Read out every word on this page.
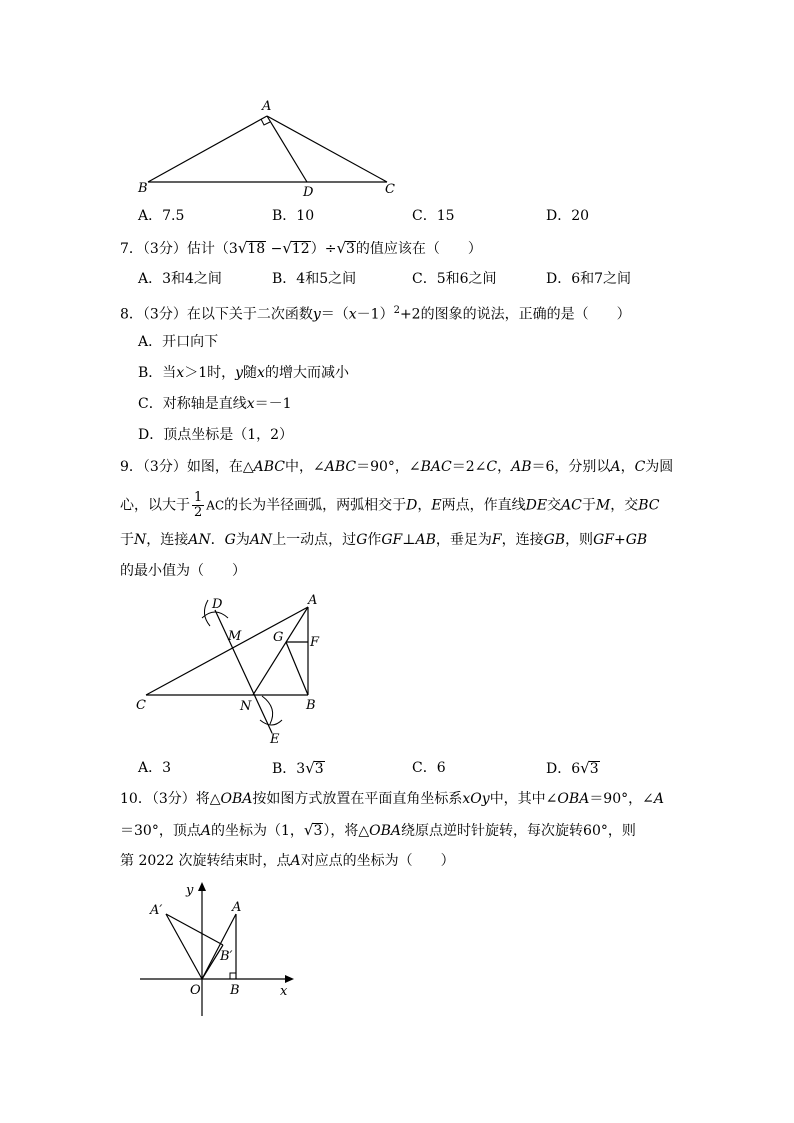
A
B	D	C
A．7.5	B．10	C．15	D．20
7．（3分）估计（3√18 −√12）÷√3的值应该在（　　）
A．3和4之间	B．4和5之间	C．5和6之间	D．6和7之间
8．（3分）在以下关于二次函数$y=(x-1)^2+2$的图象的说法，正确的是（　　）
A．开口向下
B．当x＞1时，y随x的增大而减小
C．对称轴是直线x＝－1
D．顶点坐标是（1，2）
9．（3分）如图，在△ABC中，∠ABC＝90°，∠BAC＝2∠C，AB＝6，分别以A，C为圆
心，以大于 $\frac{1}{2}$ AC的长为半径画弧，两弧相交于D，E两点，作直线DE交AC于M，交BC
于N，连接AN．G为AN上一动点，过G作GF⊥AB，垂足为F，连接GB，则GF+GB
的最小值为（　　）
D
M
A
G F
C	N	B
E
A．3	B．3√3	C．6	D．6√3
10．（3分）将△OBA按如图方式放置在平面直角坐标系xOy中，其中∠OBA＝90°，∠A
＝30°，顶点A的坐标为（1，√3），将△OBA绕原点逆时针旋转，每次旋转60°，则
第 2022 次旋转结束时，点A对应点的坐标为（　　）
y
x
O B
A
A′
B′
